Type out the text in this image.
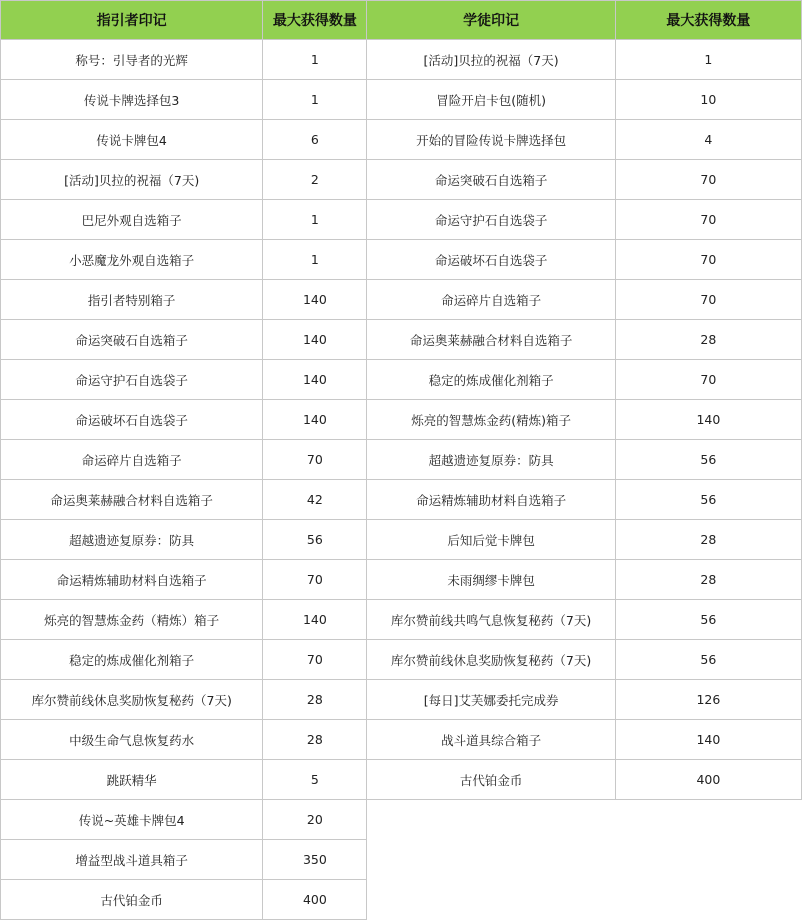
指引者印记	最大获得数量	学徒印记	最大获得数量
称号：引导者的光辉	1	[活动]贝拉的祝福（7天)	1
传说卡牌选择包3	1	冒险开启卡包(随机)	10
传说卡牌包4	6	开始的冒险传说卡牌选择包	4
[活动]贝拉的祝福（7天)	2	命运突破石自选箱子	70
巴尼外观自选箱子	1	命运守护石自选袋子	70
小恶魔龙外观自选箱子	1	命运破坏石自选袋子	70
指引者特别箱子	140	命运碎片自选箱子	70
命运突破石自选箱子	140	命运奥莱赫融合材料自选箱子	28
命运守护石自选袋子	140	稳定的炼成催化剂箱子	70
命运破坏石自选袋子	140	烁亮的智慧炼金药(精炼)箱子	140
命运碎片自选箱子	70	超越遗迹复原券：防具	56
命运奥莱赫融合材料自选箱子	42	命运精炼辅助材料自选箱子	56
超越遗迹复原券：防具	56	后知后觉卡牌包	28
命运精炼辅助材料自选箱子	70	未雨绸缪卡牌包	28
烁亮的智慧炼金药（精炼）箱子	140	库尔赞前线共鸣气息恢复秘药（7天)	56
稳定的炼成催化剂箱子	70	库尔赞前线休息奖励恢复秘药（7天)	56
库尔赞前线休息奖励恢复秘药（7天)	28	[每日]艾芙娜委托完成券	126
中级生命气息恢复药水	28	战斗道具综合箱子	140
跳跃精华	5	古代铂金币	400
传说~英雄卡牌包4	20		
增益型战斗道具箱子	350		
古代铂金币	400		
